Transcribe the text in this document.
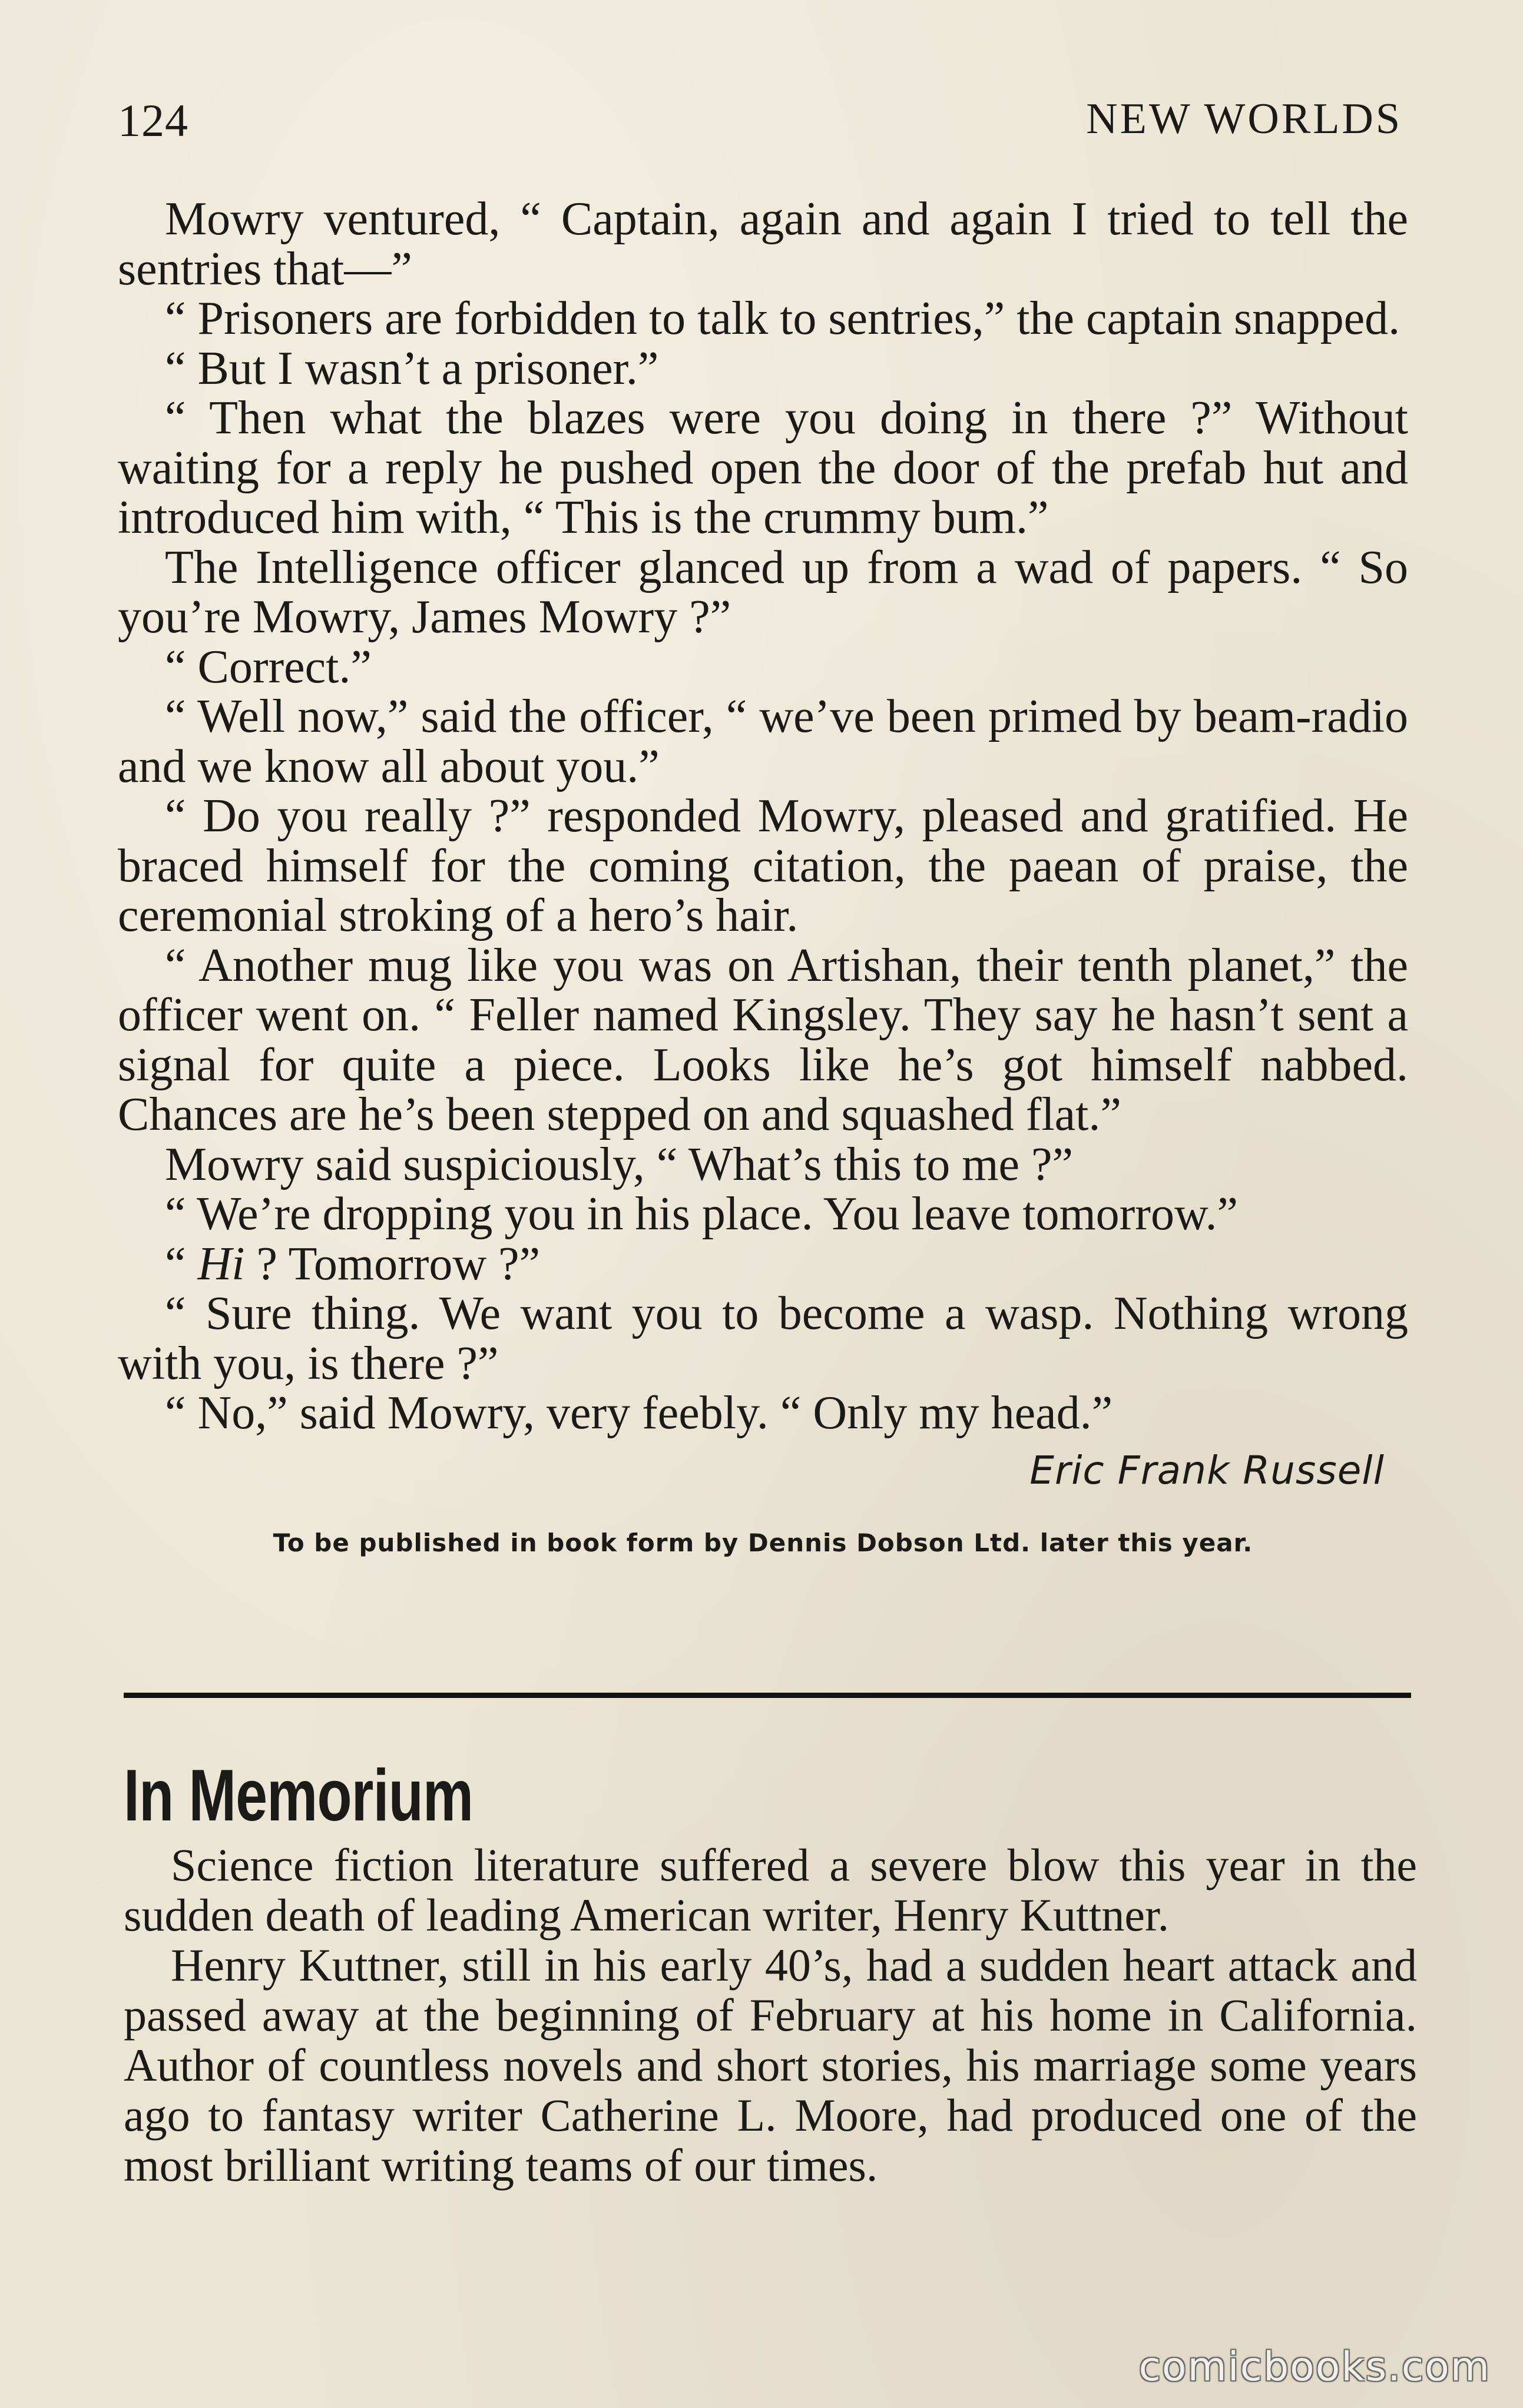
124	NEW WORLDS

Mowry ventured, “ Captain, again and again I tried to tell the sentries that—”

“ Prisoners are forbidden to talk to sentries,” the captain snapped.

“ But I wasn’t a prisoner.”

“ Then what the blazes were you doing in there ?” Without waiting for a reply he pushed open the door of the prefab hut and introduced him with, “ This is the crummy bum.”

The Intelligence officer glanced up from a wad of papers. “ So you’re Mowry, James Mowry ?”

“ Correct.”

“ Well now,” said the officer, “ we’ve been primed by beam-radio and we know all about you.”

“ Do you really ?” responded Mowry, pleased and gratified. He braced himself for the coming citation, the paean of praise, the ceremonial stroking of a hero’s hair.

“ Another mug like you was on Artishan, their tenth planet,” the officer went on. “ Feller named Kingsley. They say he hasn’t sent a signal for quite a piece. Looks like he’s got himself nabbed. Chances are he’s been stepped on and squashed flat.”

Mowry said suspiciously, “ What’s this to me ?”

“ We’re dropping you in his place. You leave tomorrow.”

“ Hi ? Tomorrow ?”

“ Sure thing. We want you to become a wasp. Nothing wrong with you, is there ?”

“ No,” said Mowry, very feebly. “ Only my head.”

Eric Frank Russell
To be published in book form by Dennis Dobson Ltd. later this year.
In Memorium

Science fiction literature suffered a severe blow this year in the sudden death of leading American writer, Henry Kuttner.

Henry Kuttner, still in his early 40’s, had a sudden heart attack and passed away at the beginning of February at his home in California. Author of countless novels and short stories, his marriage some years ago to fantasy writer Catherine L. Moore, had produced one of the most brilliant writing teams of our times.

comicbooks.com
